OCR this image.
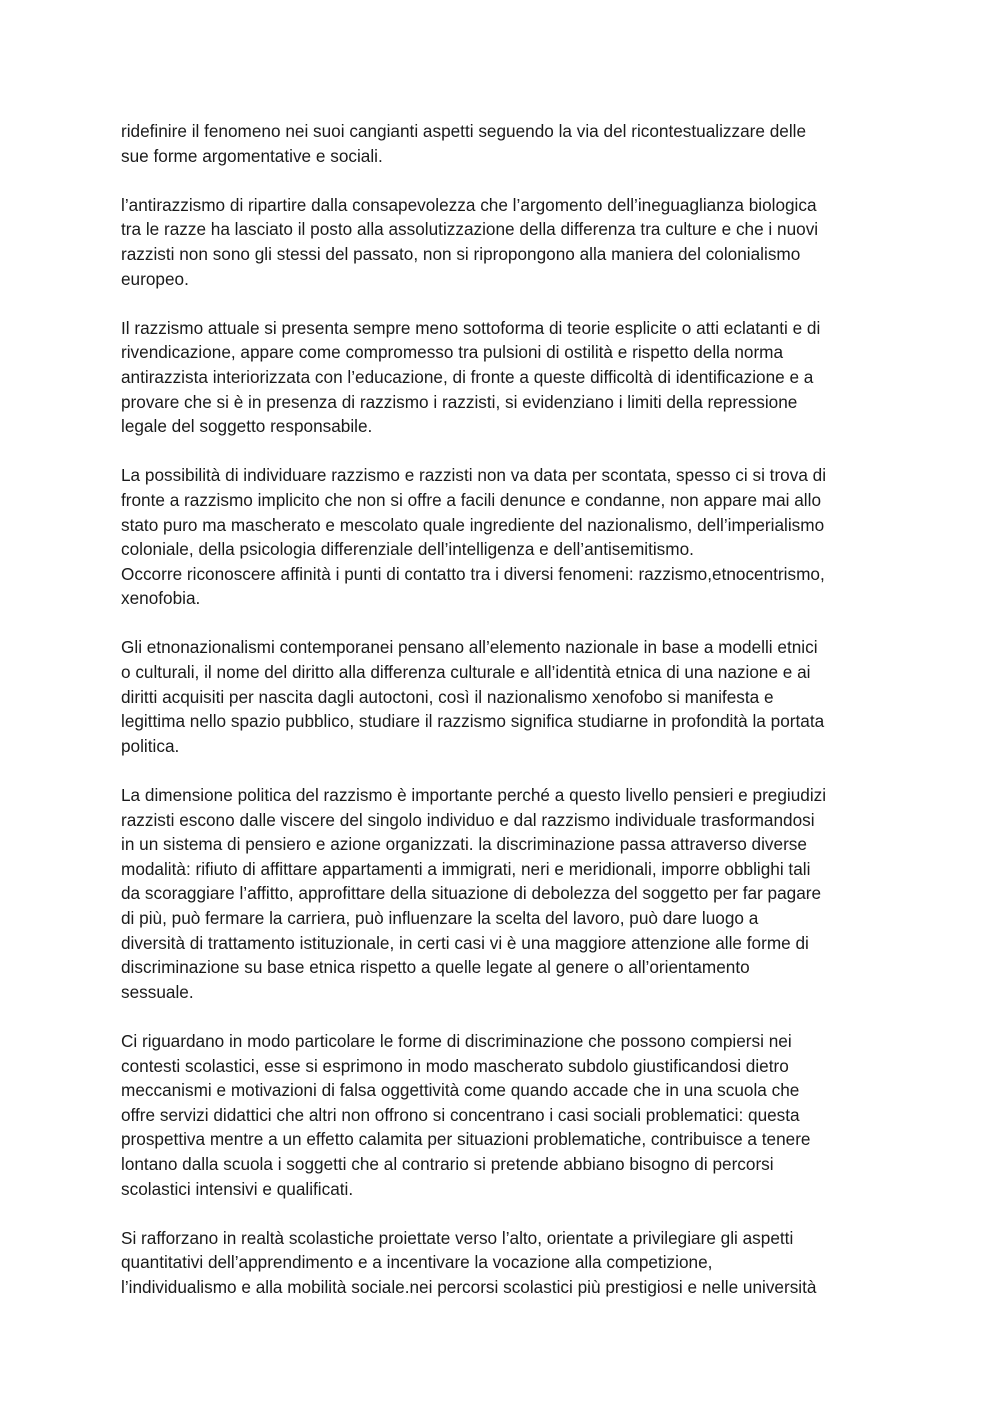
ridefinire il fenomeno nei suoi cangianti aspetti seguendo la via del ricontestualizzare delle
sue forme argomentative e sociali.

l’antirazzismo di ripartire dalla consapevolezza che l’argomento dell’ineguaglianza biologica
tra le razze ha lasciato il posto alla assolutizzazione della differenza tra culture e che i nuovi
razzisti non sono gli stessi del passato, non si ripropongono alla maniera del colonialismo
europeo.

Il razzismo attuale si presenta sempre meno sottoforma di teorie esplicite o atti eclatanti e di
rivendicazione, appare come compromesso tra pulsioni di ostilità e rispetto della norma
antirazzista interiorizzata con l’educazione, di fronte a queste difficoltà di identificazione e a
provare che si è in presenza di razzismo i razzisti, si evidenziano i limiti della repressione
legale del soggetto responsabile.

La possibilità di individuare razzismo e razzisti non va data per scontata, spesso ci si trova di
fronte a razzismo implicito che non si offre a facili denunce e condanne, non appare mai allo
stato puro ma mascherato e mescolato quale ingrediente del nazionalismo, dell’imperialismo
coloniale, della psicologia differenziale dell’intelligenza e dell’antisemitismo.
Occorre riconoscere affinità i punti di contatto tra i diversi fenomeni: razzismo,etnocentrismo,
xenofobia.

Gli etnonazionalismi contemporanei pensano all’elemento nazionale in base a modelli etnici
o culturali, il nome del diritto alla differenza culturale e all’identità etnica di una nazione e ai
diritti acquisiti per nascita dagli autoctoni, così il nazionalismo xenofobo si manifesta e
legittima nello spazio pubblico, studiare il razzismo significa studiarne in profondità la portata
politica.

La dimensione politica del razzismo è importante perché a questo livello pensieri e pregiudizi
razzisti escono dalle viscere del singolo individuo e dal razzismo individuale trasformandosi
in un sistema di pensiero e azione organizzati. la discriminazione passa attraverso diverse
modalità: rifiuto di affittare appartamenti a immigrati, neri e meridionali, imporre obblighi tali
da scoraggiare l’affitto, approfittare della situazione di debolezza del soggetto per far pagare
di più, può fermare la carriera, può influenzare la scelta del lavoro, può dare luogo a
diversità di trattamento istituzionale, in certi casi vi è una maggiore attenzione alle forme di
discriminazione su base etnica rispetto a quelle legate al genere o all’orientamento
sessuale.

Ci riguardano in modo particolare le forme di discriminazione che possono compiersi nei
contesti scolastici, esse si esprimono in modo mascherato subdolo giustificandosi dietro
meccanismi e motivazioni di falsa oggettività come quando accade che in una scuola che
offre servizi didattici che altri non offrono si concentrano i casi sociali problematici: questa
prospettiva mentre a un effetto calamita per situazioni problematiche, contribuisce a tenere
lontano dalla scuola i soggetti che al contrario si pretende abbiano bisogno di percorsi
scolastici intensivi e qualificati.

Si rafforzano in realtà scolastiche proiettate verso l’alto, orientate a privilegiare gli aspetti
quantitativi dell’apprendimento e a incentivare la vocazione alla competizione,
l’individualismo e alla mobilità sociale.nei percorsi scolastici più prestigiosi e nelle università
